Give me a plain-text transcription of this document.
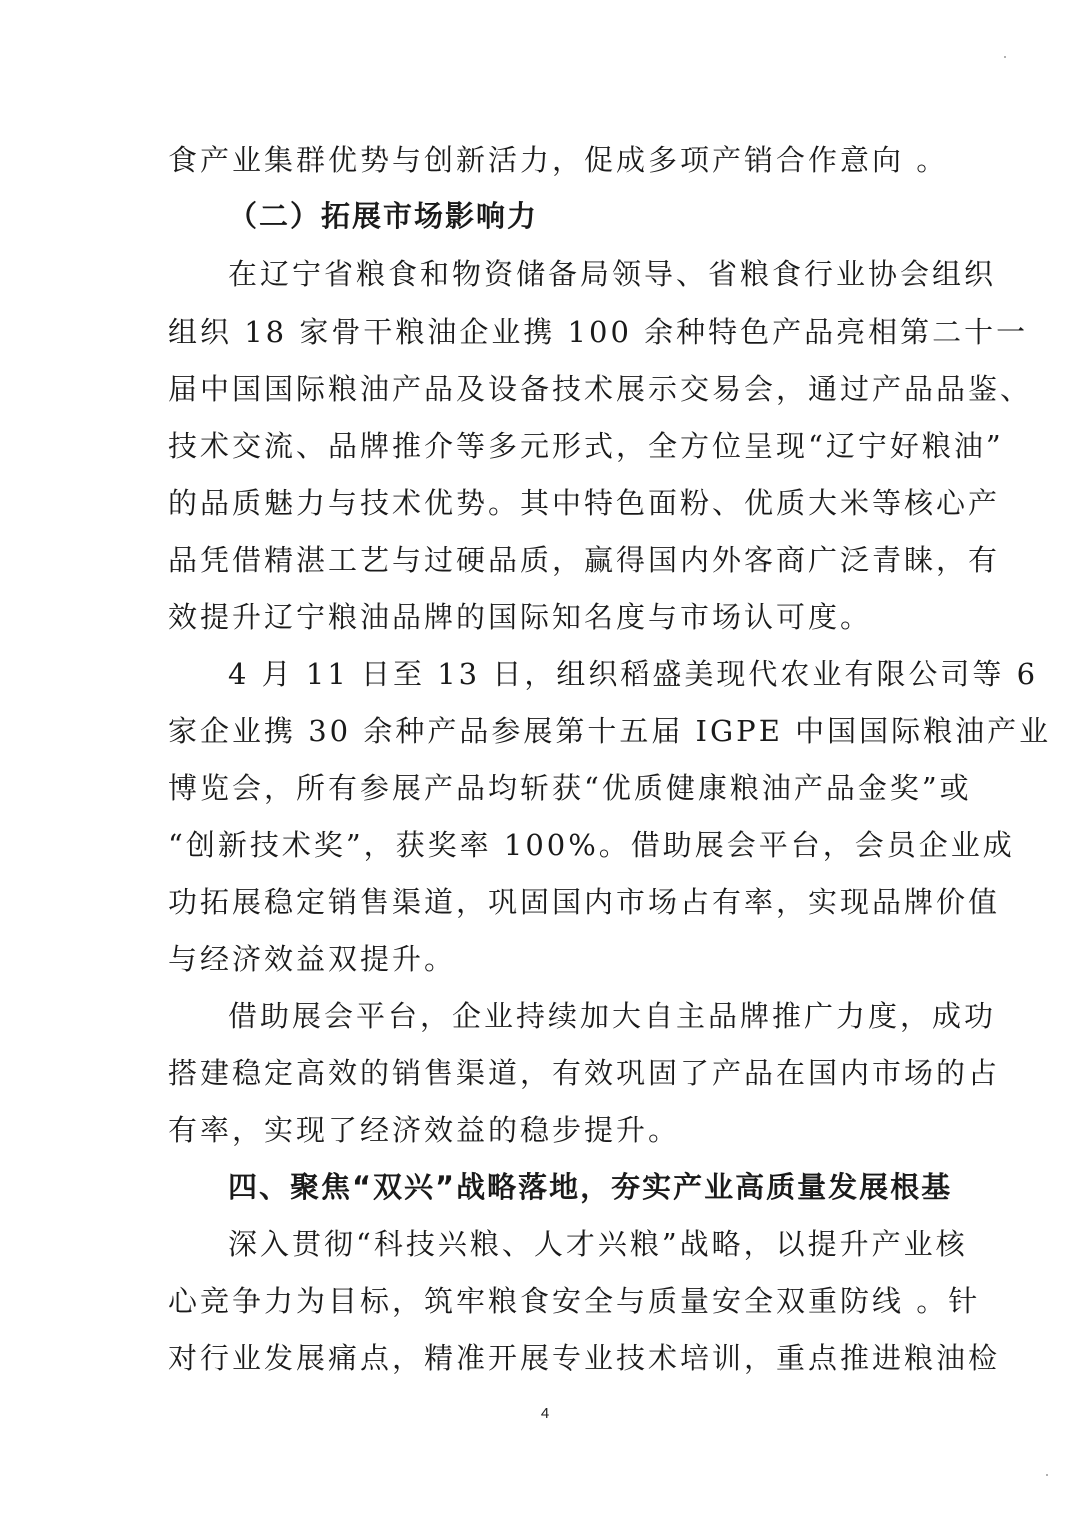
食产业集群优势与创新活力，促成多项产销合作意向 。
（二）拓展市场影响力
在辽宁省粮食和物资储备局领导、省粮食行业协会组织
组织 18 家骨干粮油企业携 100 余种特色产品亮相第二十一
届中国国际粮油产品及设备技术展示交易会，通过产品品鉴、
技术交流、品牌推介等多元形式，全方位呈现“辽宁好粮油”
的品质魅力与技术优势。其中特色面粉、优质大米等核心产
品凭借精湛工艺与过硬品质，赢得国内外客商广泛青睐，有
效提升辽宁粮油品牌的国际知名度与市场认可度。
4 月 11 日至 13 日，组织稻盛美现代农业有限公司等 6
家企业携 30 余种产品参展第十五届 IGPE 中国国际粮油产业
博览会，所有参展产品均斩获“优质健康粮油产品金奖”或
“创新技术奖”，获奖率 100%。借助展会平台，会员企业成
功拓展稳定销售渠道，巩固国内市场占有率，实现品牌价值
与经济效益双提升。
借助展会平台，企业持续加大自主品牌推广力度，成功
搭建稳定高效的销售渠道，有效巩固了产品在国内市场的占
有率，实现了经济效益的稳步提升。
四、聚焦“双兴”战略落地，夯实产业高质量发展根基
深入贯彻“科技兴粮、人才兴粮”战略，以提升产业核
心竞争力为目标，筑牢粮食安全与质量安全双重防线 。针
对行业发展痛点，精准开展专业技术培训，重点推进粮油检
4
